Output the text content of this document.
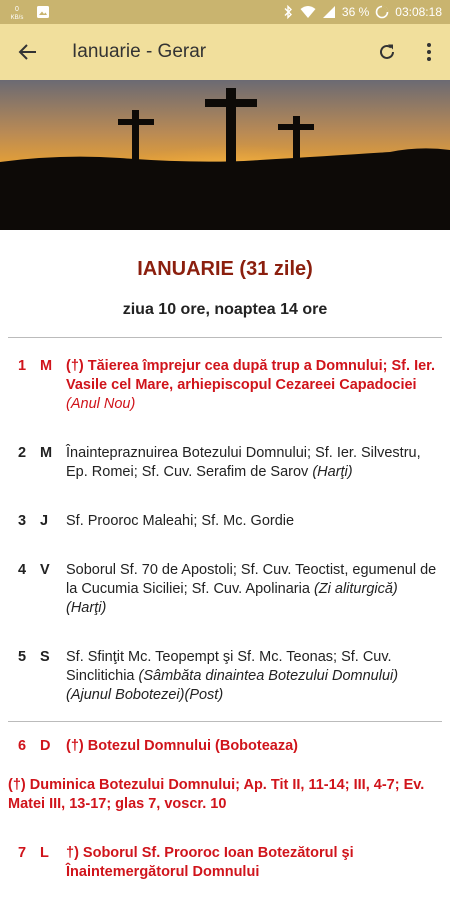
0
KB/s	36 % 03:08:18
Ianuarie - Gerar
IANUARIE (31 zile)
ziua 10 ore, noaptea 14 ore
1 M (†) Tăierea împrejur cea după trup a Domnului; Sf. Ier. Vasile cel Mare, arhiepiscopul Cezareei Capadociei (Anul Nou)
2 M Înaintepraznuirea Botezului Domnului; Sf. Ier. Silvestru, Ep. Romei; Sf. Cuv. Serafim de Sarov (Harţi)
3 J	Sf. Prooroc Maleahi; Sf. Mc. Gordie
4 V	Soborul Sf. 70 de Apostoli; Sf. Cuv. Teoctist, egumenul de la Cucumia Siciliei; Sf. Cuv. Apolinaria (Zi aliturgică) (Harţi)
5 S	Sf. Sfinţit Mc. Teopempt şi Sf. Mc. Teonas; Sf. Cuv. Sinclitichia (Sâmbăta dinaintea Botezului Domnului) (Ajunul Bobotezei)(Post)
6 D	(†) Botezul Domnului (Boboteaza)
(†) Duminica Botezului Domnului; Ap. Tit II, 11-14; III, 4-7; Ev. Matei III, 13-17; glas 7, voscr. 10
7 L	†) Soborul Sf. Prooroc Ioan Botezătorul şi Înaintemergătorul Domnului
